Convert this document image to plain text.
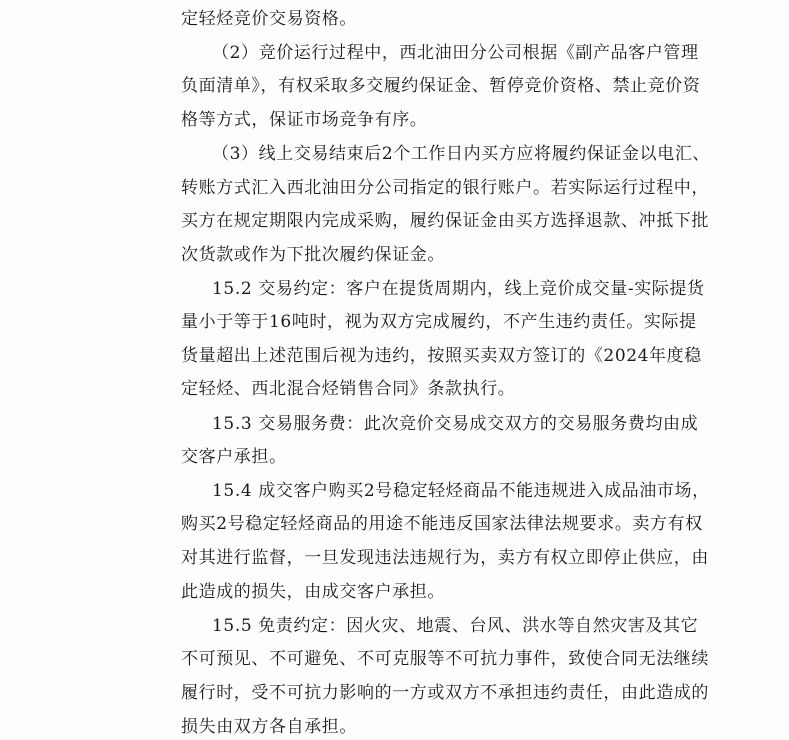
定轻烃竞价交易资格。
（2）竞价运行过程中，西北油田分公司根据《副产品客户管理
负面清单》，有权采取多交履约保证金、暂停竞价资格、禁止竞价资
格等方式，保证市场竞争有序。
（3）线上交易结束后2个工作日内买方应将履约保证金以电汇、
转账方式汇入西北油田分公司指定的银行账户。若实际运行过程中，
买方在规定期限内完成采购，履约保证金由买方选择退款、冲抵下批
次货款或作为下批次履约保证金。
15.2 交易约定：客户在提货周期内，线上竞价成交量-实际提货
量小于等于16吨时，视为双方完成履约，不产生违约责任。实际提
货量超出上述范围后视为违约，按照买卖双方签订的《2024年度稳
定轻烃、西北混合烃销售合同》条款执行。
15.3 交易服务费：此次竞价交易成交双方的交易服务费均由成
交客户承担。
15.4 成交客户购买2号稳定轻烃商品不能违规进入成品油市场，
购买2号稳定轻烃商品的用途不能违反国家法律法规要求。卖方有权
对其进行监督，一旦发现违法违规行为，卖方有权立即停止供应，由
此造成的损失，由成交客户承担。
15.5 免责约定：因火灾、地震、台风、洪水等自然灾害及其它
不可预见、不可避免、不可克服等不可抗力事件，致使合同无法继续
履行时，受不可抗力影响的一方或双方不承担违约责任，由此造成的
损失由双方各自承担。
